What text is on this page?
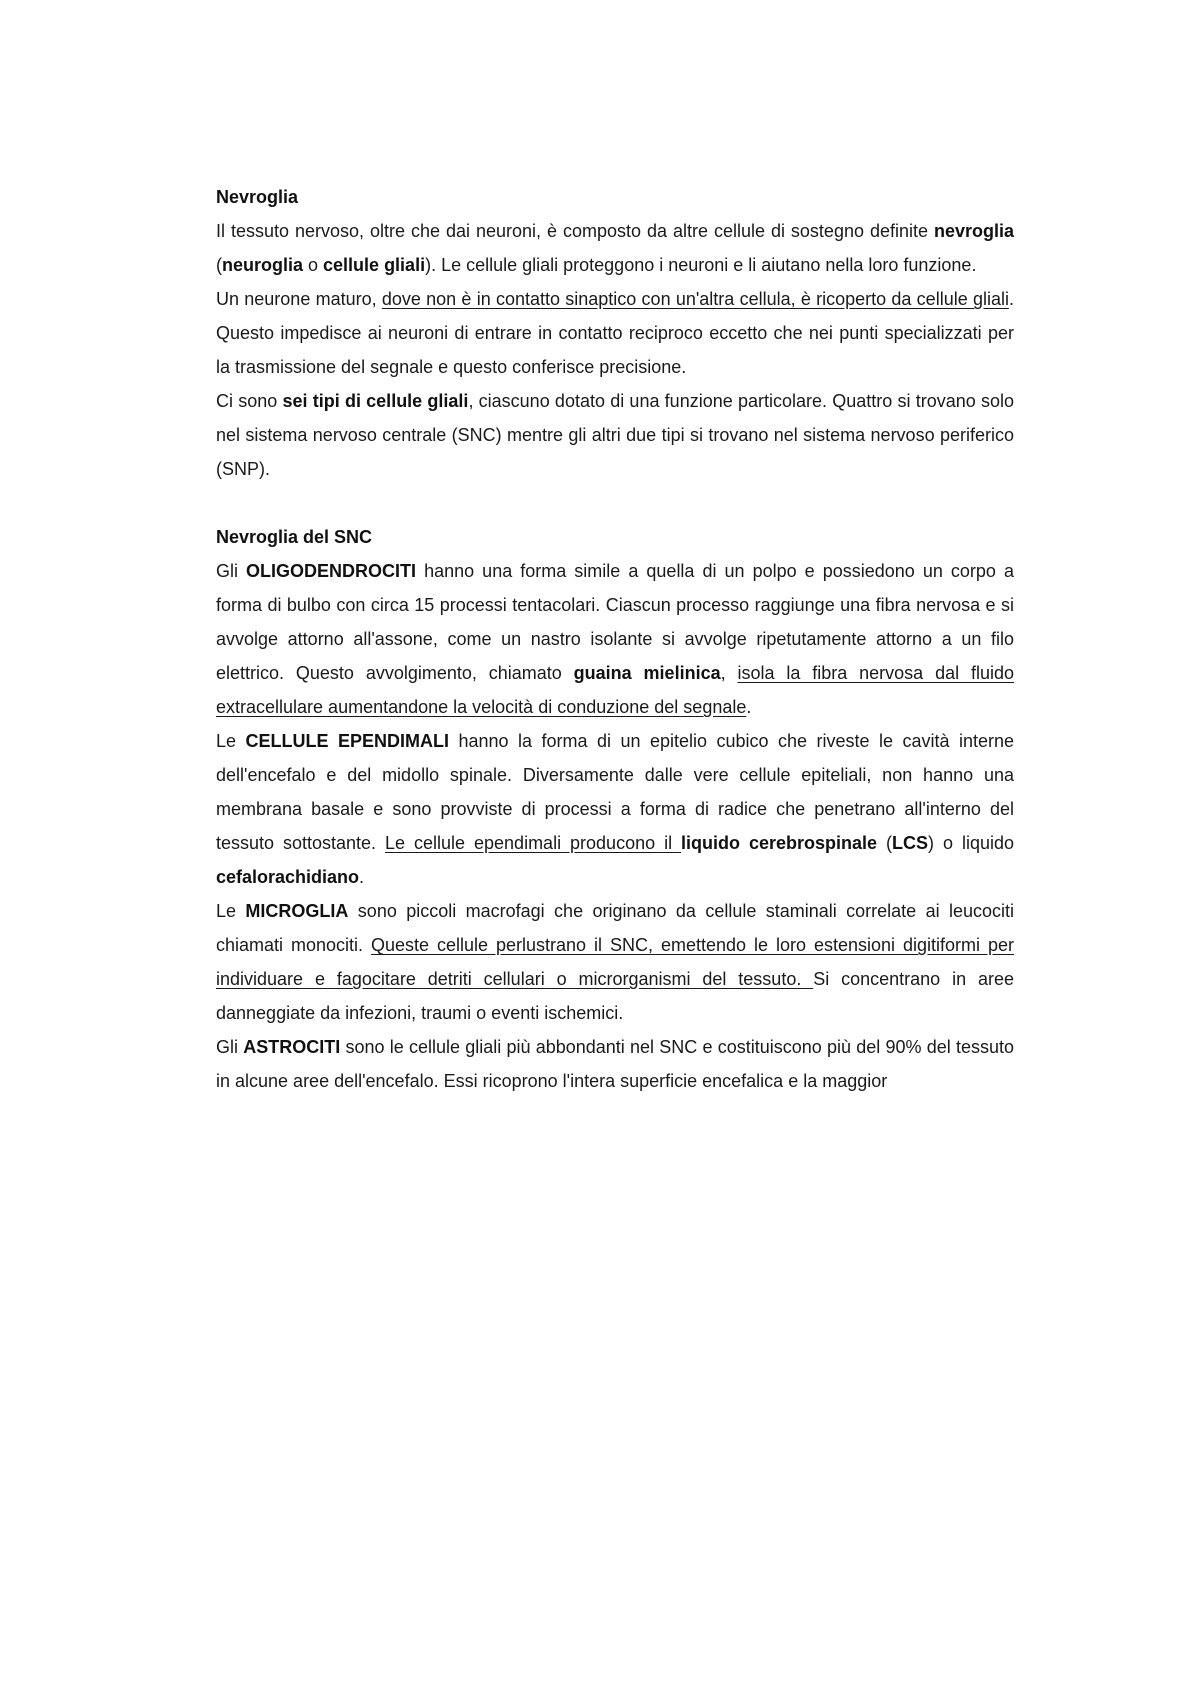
Nevroglia

Il tessuto nervoso, oltre che dai neuroni, è composto da altre cellule di sostegno definite nevroglia (neuroglia o cellule gliali). Le cellule gliali proteggono i neuroni e li aiutano nella loro funzione.

Un neurone maturo, dove non è in contatto sinaptico con un'altra cellula, è ricoperto da cellule gliali. Questo impedisce ai neuroni di entrare in contatto reciproco eccetto che nei punti specializzati per la trasmissione del segnale e questo conferisce precisione.

Ci sono sei tipi di cellule gliali, ciascuno dotato di una funzione particolare. Quattro si trovano solo nel sistema nervoso centrale (SNC) mentre gli altri due tipi si trovano nel sistema nervoso periferico (SNP).

Nevroglia del SNC

Gli OLIGODENDROCITI hanno una forma simile a quella di un polpo e possiedono un corpo a forma di bulbo con circa 15 processi tentacolari. Ciascun processo raggiunge una fibra nervosa e si avvolge attorno all'assone, come un nastro isolante si avvolge ripetutamente attorno a un filo elettrico. Questo avvolgimento, chiamato guaina mielinica, isola la fibra nervosa dal fluido extracellulare aumentandone la velocità di conduzione del segnale.

Le CELLULE EPENDIMALI hanno la forma di un epitelio cubico che riveste le cavità interne dell'encefalo e del midollo spinale. Diversamente dalle vere cellule epiteliali, non hanno una membrana basale e sono provviste di processi a forma di radice che penetrano all'interno del tessuto sottostante. Le cellule ependimali producono il liquido cerebrospinale (LCS) o liquido cefalorachidiano.

Le MICROGLIA sono piccoli macrofagi che originano da cellule staminali correlate ai leucociti chiamati monociti. Queste cellule perlustrano il SNC, emettendo le loro estensioni digitiformi per individuare e fagocitare detriti cellulari o microrganismi del tessuto. Si concentrano in aree danneggiate da infezioni, traumi o eventi ischemici.

Gli ASTROCITI sono le cellule gliali più abbondanti nel SNC e costituiscono più del 90% del tessuto in alcune aree dell'encefalo. Essi ricoprono l'intera superficie encefalica e la maggior
